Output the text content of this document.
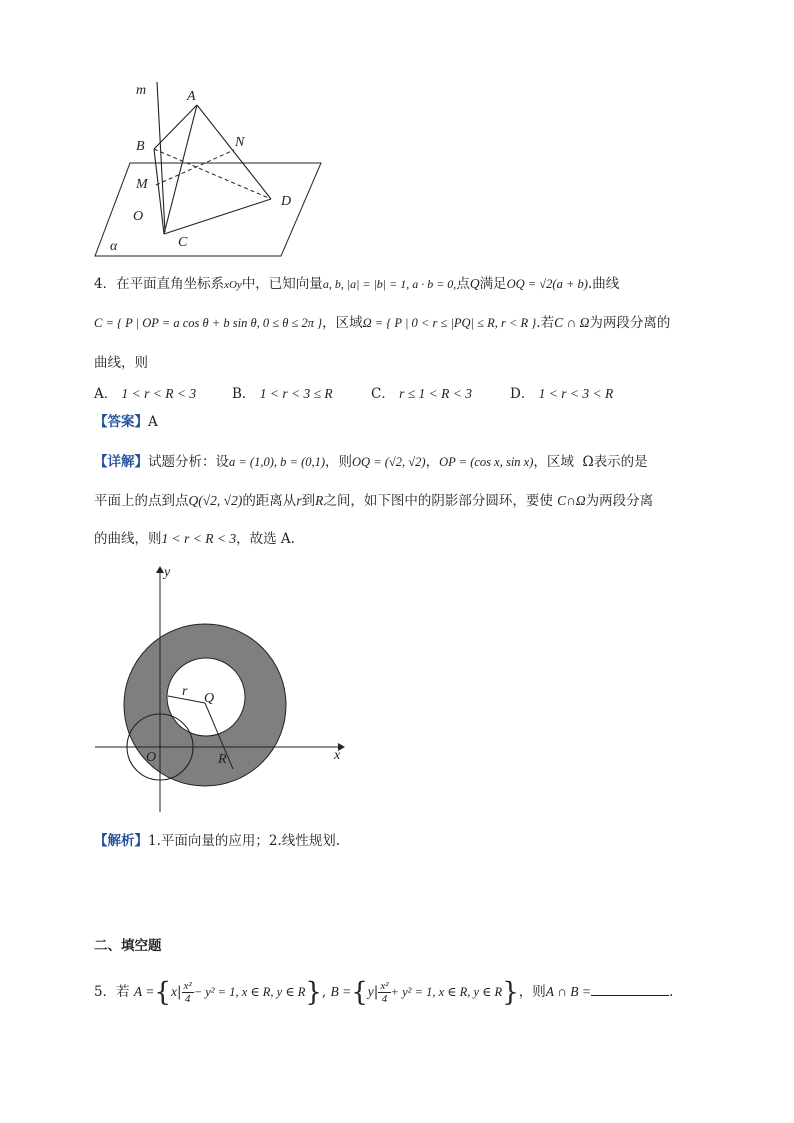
m	A
B	N
M
O
D
C
α
4．在平面直角坐标系xOy中，已知向量a, b, |a| = |b| = 1, a · b = 0,点Q满足OQ = √2(a + b).曲线
C = { P | OP = a cos θ + b sin θ, 0 ≤ θ ≤ 2π }，区域Ω = { P | 0 < r ≤ |PQ| ≤ R, r < R }.若C ∩ Ω为两段分离的
曲线，则
A． 1 < r < R < 3	B． 1 < r < 3 ≤ R	C． r ≤ 1 < R < 3	D． 1 < r < 3 < R
【答案】A
【详解】试题分析：设a = (1,0), b = (0,1)，则OQ = (√2, √2)，OP = (cos x, sin x)，区域 Ω表示的是
平面上的点到点Q(√2, √2)的距离从r到R之间，如下图中的阴影部分圆环，要使 C∩Ω为两段分离
的曲线，则1 < r < R < 3，故选 A.
y
x
r Q
O	R
【解析】1.平面向量的应用；2.线性规划.
二、填空题
5．若 $A =\{x| \frac{\text{x²}}{4} - y^2 = 1$, x ∈ R, y ∈ R}, $B =\{y| \frac{\text{x²}}{4} + y^2 = 1$, x ∈ R, y ∈ R}，则A ∩ B =	.
